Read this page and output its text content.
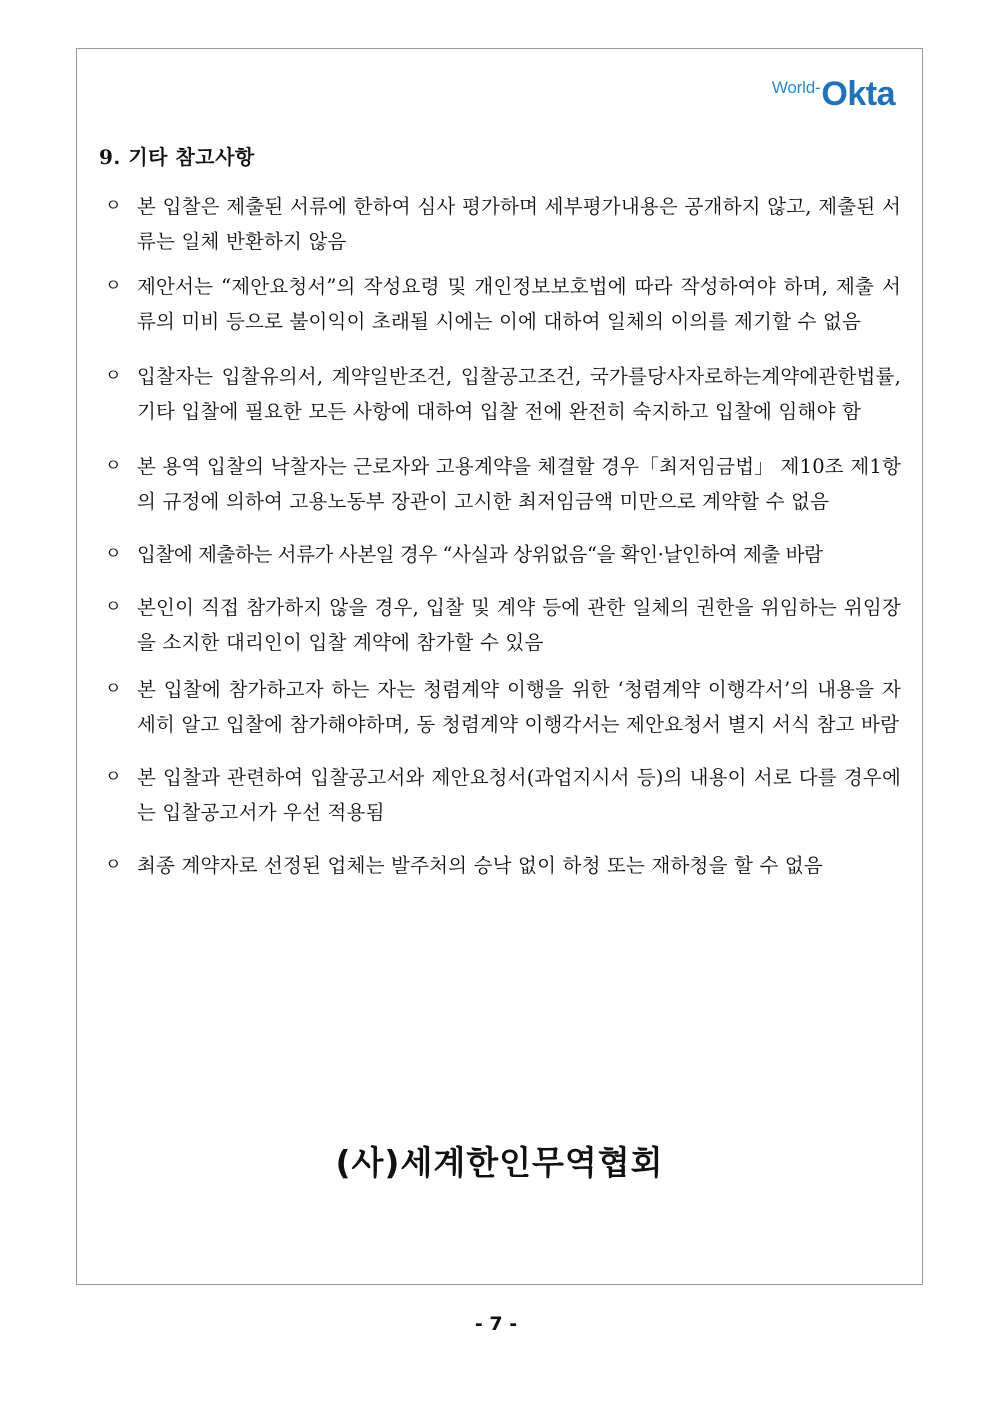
World- Okta
9. 기타 참고사항
ㅇ 본 입찰은 제출된 서류에 한하여 심사 평가하며 세부평가내용은 공개하지 않고, 제출된 서류는 일체 반환하지 않음
ㅇ 제안서는 “제안요청서”의 작성요령 및 개인정보보호법에 따라 작성하여야 하며, 제출 서류의 미비 등으로 불이익이 초래될 시에는 이에 대하여 일체의 이의를 제기할 수 없음
ㅇ 입찰자는 입찰유의서, 계약일반조건, 입찰공고조건, 국가를당사자로하는계약에관한법률, 기타 입찰에 필요한 모든 사항에 대하여 입찰 전에 완전히 숙지하고 입찰에 임해야 함
ㅇ 본 용역 입찰의 낙찰자는 근로자와 고용계약을 체결할 경우「최저임금법」 제10조 제1항의 규정에 의하여 고용노동부 장관이 고시한 최저임금액 미만으로 계약할 수 없음
ㅇ 입찰에 제출하는 서류가 사본일 경우 “사실과 상위없음“을 확인·날인하여 제출 바람
ㅇ 본인이 직접 참가하지 않을 경우, 입찰 및 계약 등에 관한 일체의 권한을 위임하는 위임장을 소지한 대리인이 입찰 계약에 참가할 수 있음
ㅇ 본 입찰에 참가하고자 하는 자는 청렴계약 이행을 위한 ‘청렴계약 이행각서’의 내용을 자세히 알고 입찰에 참가해야하며, 동 청렴계약 이행각서는 제안요청서 별지 서식 참고 바람
ㅇ 본 입찰과 관련하여 입찰공고서와 제안요청서(과업지시서 등)의 내용이 서로 다를 경우에는 입찰공고서가 우선 적용됨
ㅇ 최종 계약자로 선정된 업체는 발주처의 승낙 없이 하청 또는 재하청을 할 수 없음
(사)세계한인무역협회
- 7 -
